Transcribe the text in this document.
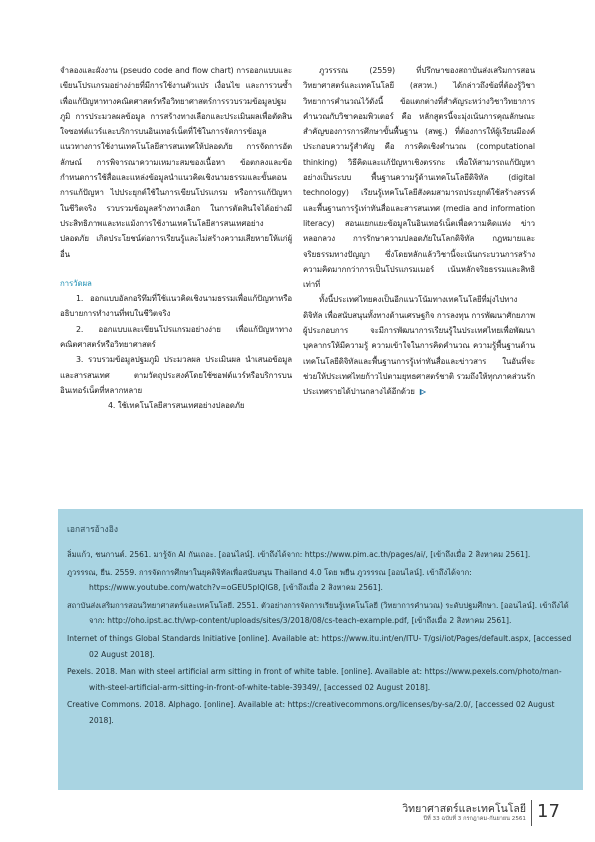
จำลองและผังงาน (pseudo code and flow chart) การออกแบบและเขียนโปรแกรมอย่างง่ายที่มีการใช้งานตัวแปร เงื่อนไข และการวนซ้ำ เพื่อแก้ปัญหาทางคณิตศาสตร์หรือวิทยาศาสตร์การรวบรวมข้อมูลปฐมภูมิ การประมวลผลข้อมูล การสร้างทางเลือกและประเมินผลเพื่อตัดสินใจซอฟต์แวร์และบริการบนอินเทอร์เน็ตที่ใช้ในการจัดการข้อมูล แนวทางการใช้งานเทคโนโลยีสารสนเทศให้ปลอดภัย การจัดการอัตลักษณ์ การพิจารณาความเหมาะสมของเนื้อหา ข้อตกลงและข้อกำหนดการใช้สื่อและแหล่งข้อมูลนำแนวคิดเชิงนามธรรมและขั้นตอนการแก้ปัญหา ไปประยุกต์ใช้ในการเขียนโปรแกรม หรือการแก้ปัญหาในชีวิตจริง รวบรวมข้อมูลสร้างทางเลือก ในการตัดสินใจได้อย่างมีประสิทธิภาพและทะแม้งการใช้งานเทคโนโลยีสารสนเทศอย่างปลอดภัย เกิดประโยชน์ต่อการเรียนรู้และไม่สร้างความเสียหายให้แก่ผู้อื่น

การวัดผล

1. ออกแบบอัลกอริทึมที่ใช้แนวคิดเชิงนามธรรมเพื่อแก้ปัญหาหรืออธิบายการทำงานที่พบในชีวิตจริง

2. ออกแบบและเขียนโปรแกรมอย่างง่าย เพื่อแก้ปัญหาทางคณิตศาสตร์หรือวิทยาศาสตร์

3. รวบรวมข้อมูลปฐมภูมิ ประมวลผล ประเมินผล นำเสนอข้อมูลและสารสนเทศ ตามวัตถุประสงค์โดยใช้ซอฟต์แวร์หรือบริการบนอินเทอร์เน็ตที่หลากหลาย

4. ใช้เทคโนโลยีสารสนเทศอย่างปลอดภัย

ภูวรรรณ (2559) ที่ปรึกษาของสถาบันส่งเสริมการสอนวิทยาศาสตร์และเทคโนโลยี (สสวท.) ได้กล่าวถึงข้อที่ต้องรู้วิชาวิทยาการคำนวณไว้ดังนี้ ข้อแตกต่างที่สำคัญระหว่างวิชาวิทยาการคำนวณกับวิชาคอมพิวเตอร์ คือ หลักสูตรนี้จะมุ่งเน้นการคุณลักษณะสำคัญของการการศึกษาขั้นพื้นฐาน (สพฐ.) ที่ต้องการให้ผู้เรียนมีองค์ประกอบความรู้สำคัญ คือ การคิดเชิงคำนวณ (computational thinking) วิธีคิดและแก้ปัญหาเชิงตรรกะ เพื่อให้สามารถแก้ปัญหาอย่างเป็นระบบ พื้นฐานความรู้ด้านเทคโนโลยีดิจิทัล (digital technology) เรียนรู้เทคโนโลยีสังคมสามารถประยุกต์ใช้สร้างสรรค์ และพื้นฐานการรู้เท่าทันสื่อและสารสนเทศ (media and information literacy) สอนแยกแยะข้อมูลในอินเทอร์เน็ตเพื่อความคิดแห่ง ข่าวหลอกลวง การรักษาความปลอดภัยในโลกดิจิทัล กฎหมายและจริยธรรมทางปัญญา ซึ่งโดยหลักแล้ววิชานี้จะเน้นกระบวนการสร้างความคิดมากกว่าการเป็นโปรแกรมเมอร์ เน้นหลักจริยธรรมและสิทธิเท่าที่

ทั้งนี้ประเทศไทยคงเป็นอีกแนวโน้มทางเทคโนโลยีที่มุ่งไปทางดิจิทัล เพื่อสนับสนุนทั้งทางด้านเศรษฐกิจ การลงทุน การพัฒนาศักยภาพผู้ประกอบการ จะมีการพัฒนาการเรียนรู้ในประเทศไทยเพื่อพัฒนาบุคลากรให้มีความรู้ ความเข้าใจในการคิดคำนวณ ความรู้พื้นฐานด้านเทคโนโลยีดิจิทัลและพื้นฐานการรู้เท่าทันสื่อและข่าวสาร ในอันที่จะช่วยให้ประเทศไทยก้าวไปตามยุทธศาสตร์ชาติ รวมถึงให้ทุกภาคส่วนรักประเทศรายได้ปานกลางได้อีกด้วย

เอกสารอ้างอิง

ลิ่มแก้ว, ชนกานต์. 2561. มารู้จัก AI กันเถอะ. [ออนไลน์]. เข้าถึงได้จาก: https://www.pim.ac.th/pages/ai/, [เข้าถึงเมื่อ 2 สิงหาคม 2561].

ภูวรรรณ, ยืน. 2559. การจัดการศึกษาในยุคดิจิทัลเพื่อสนับสนุน Thailand 4.0 โดย พยืน ภูวรรรณ [ออนไลน์]. เข้าถึงได้จาก: https://www.youtube.com/watch?v=oGEU5plQlG8, [เข้าถึงเมื่อ 2 สิงหาคม 2561].

สถาบันส่งเสริมการสอนวิทยาศาสตร์และเทคโนโลยี. 2551. ตัวอย่างการจัดการเรียนรู้เทคโนโลยี (วิทยาการคำนวณ) ระดับปฐมศึกษา. [ออนไลน์]. เข้าถึงได้จาก: http://oho.ipst.ac.th/wp-content/uploads/sites/3/2018/08/cs-teach-example.pdf, [เข้าถึงเมื่อ 2 สิงหาคม 2561].

Internet of things Global Standards Initiative [online]. Available at: https://www.itu.int/en/ITU- T/gsi/iot/Pages/default.aspx, [accessed 02 August 2018].

Pexels. 2018. Man with steel artificial arm sitting in front of white table. [online]. Available at: https://www.pexels.com/photo/man-with-steel-artificial-arm-sitting-in-front-of-white-table-39349/, [accessed 02 August 2018].

Creative Commons. 2018. Alphago. [online]. Available at: https://creativecommons.org/licenses/by-sa/2.0/, [accessed 02 August 2018].

วิทยาศาสตร์และเทคโนโลยี
ปีที่ 33 ฉบับที่ 3 กรกฎาคม-กันยายน 2561 17
